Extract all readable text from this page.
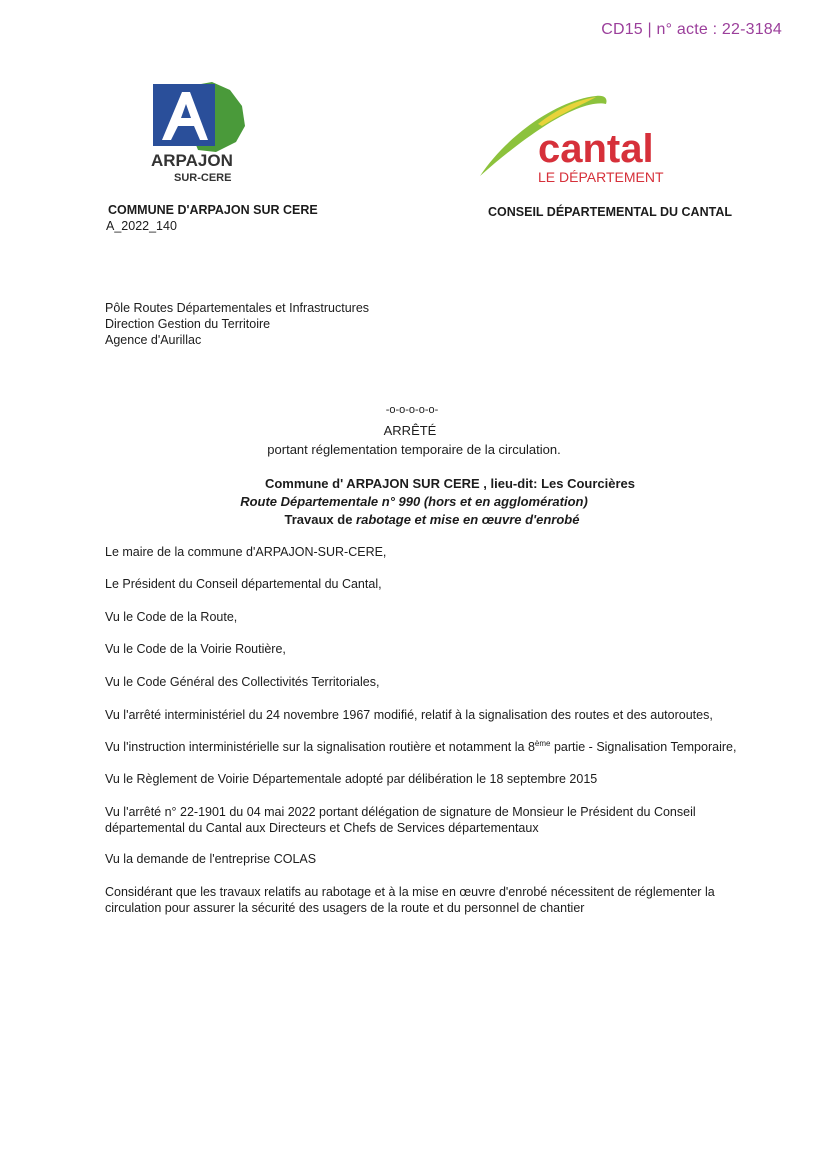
CD15 | n° acte : 22-3184
ARPAJON
SUR-CERE
cantal
LE DÉPARTEMENT
COMMUNE D'ARPAJON SUR CERE
A_2022_140
CONSEIL DÉPARTEMENTAL DU CANTAL
Pôle Routes Départementales et Infrastructures
Direction Gestion du Territoire
Agence d'Aurillac
-o-o-o-o-o-
ARRÊTÉ
portant réglementation temporaire de la circulation.
Commune d' ARPAJON SUR CERE , lieu-dit: Les Courcières
Route Départementale n° 990 (hors et en agglomération)
Travaux de rabotage et mise en œuvre d'enrobé
Le maire de la commune d'ARPAJON-SUR-CERE,
Le Président du Conseil départemental du Cantal,
Vu le Code de la Route,
Vu le Code de la Voirie Routière,
Vu le Code Général des Collectivités Territoriales,
Vu l'arrêté interministériel du 24 novembre 1967 modifié, relatif à la signalisation des routes et des autoroutes,
Vu l'instruction interministérielle sur la signalisation routière et notamment la 8ème partie - Signalisation Temporaire,
Vu le Règlement de Voirie Départementale adopté par délibération le 18 septembre 2015
Vu l'arrêté n° 22-1901 du 04 mai 2022 portant délégation de signature de Monsieur le Président du Conseil
départemental du Cantal aux Directeurs et Chefs de Services départementaux
Vu la demande de l'entreprise COLAS
Considérant que les travaux relatifs au rabotage et à la mise en œuvre d'enrobé nécessitent de réglementer la
circulation pour assurer la sécurité des usagers de la route et du personnel de chantier
